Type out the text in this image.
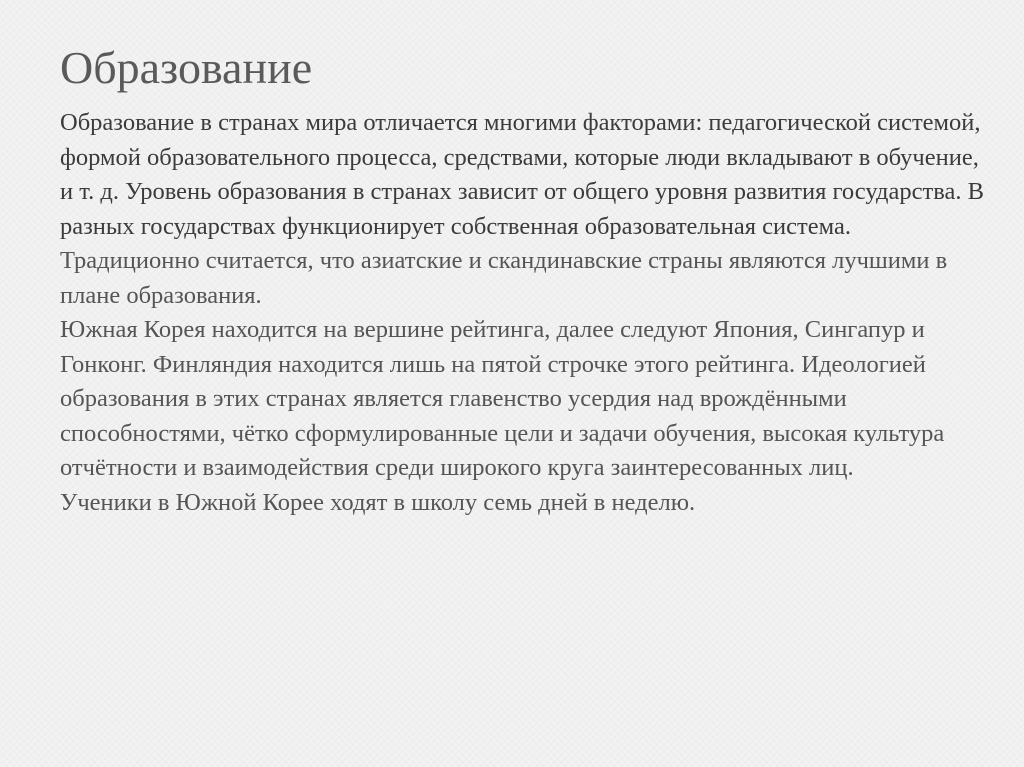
Образование
Образование в странах мира отличается многими факторами: педагогической системой, формой образовательного процесса, средствами, которые люди вкладывают в обучение, и т. д. Уровень образования в странах зависит от общего уровня развития государства. В разных государствах функционирует собственная образовательная система.
Традиционно считается, что азиатские и скандинавские страны являются лучшими в плане образования.
Южная Корея находится на вершине рейтинга, далее следуют Япония, Сингапур и Гонконг. Финляндия находится лишь на пятой строчке этого рейтинга. Идеологией образования в этих странах является главенство усердия над врождёнными способностями, чётко сформулированные цели и задачи обучения, высокая культура отчётности и взаимодействия среди широкого круга заинтересованных лиц.
Ученики в Южной Корее ходят в школу семь дней в неделю.
